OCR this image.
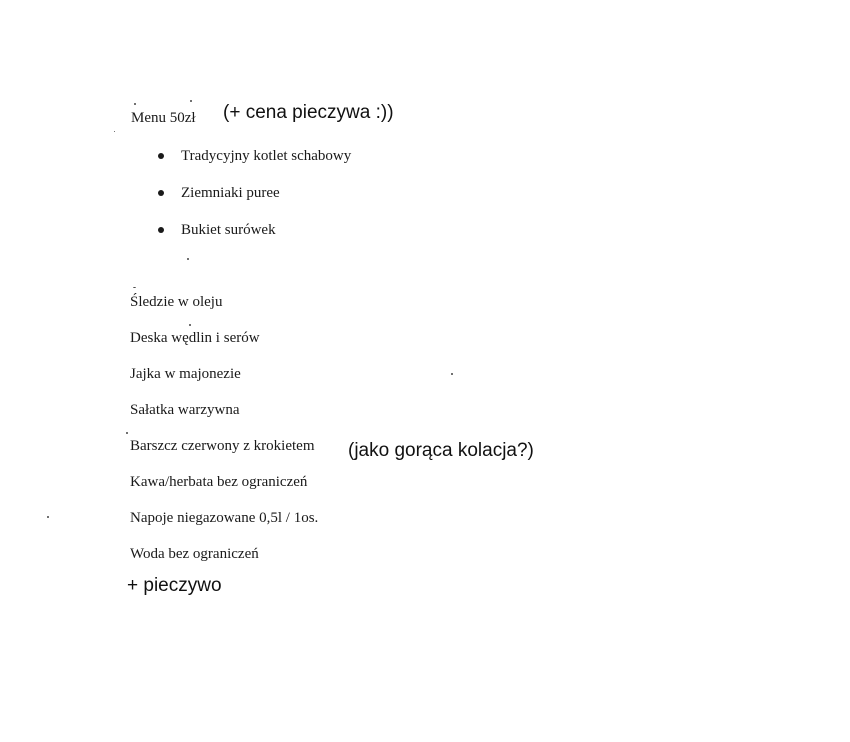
Menu 50zł (+ cena pieczywa :))
Tradycyjny kotlet schabowy
Ziemniaki puree
Bukiet surówek
Śledzie w oleju
Deska wędlin i serów
Jajka w majonezie
Sałatka warzywna
Barszcz czerwony z krokietem (jako gorąca kolacja?)
Kawa/herbata bez ograniczeń
Napoje niegazowane 0,5l / 1os.
Woda bez ograniczeń
+ pieczywo
